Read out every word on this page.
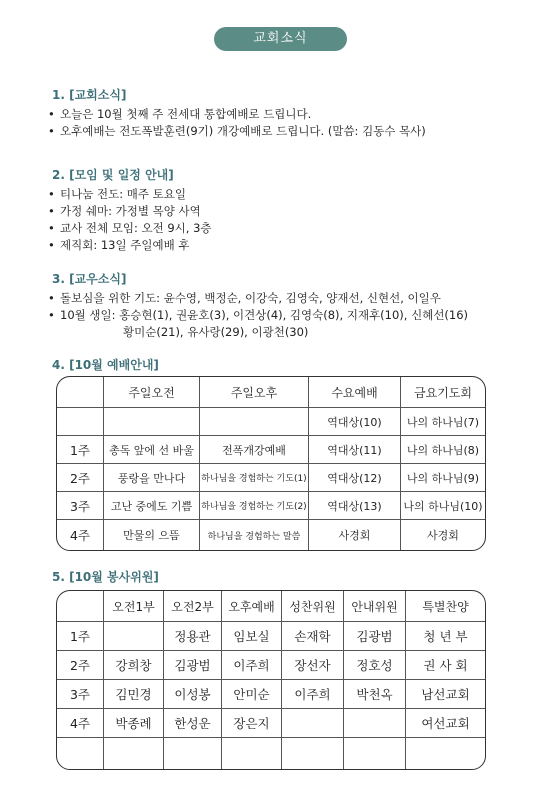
교회소식
1. [교회소식]
• 오늘은 10월 첫째 주 전세대 통합예배로 드립니다.
• 오후예배는 전도폭발훈련(9기) 개강예배로 드립니다. (말씀: 김동수 목사)
2. [모임 및 일정 안내]
• 티나눔 전도: 매주 토요일
• 가정 쉐마: 가정별 목양 사역
• 교사 전체 모임: 오전 9시, 3층
• 제직회: 13일 주일예배 후
3. [교우소식]
• 돌보심을 위한 기도: 윤수영, 백정순, 이강숙, 김영숙, 양재선, 신현선, 이일우
• 10월 생일: 홍승현(1), 권윤호(3), 이견상(4), 김영숙(8), 지재후(10), 신혜선(16)
황미순(21), 유사랑(29), 이광천(30)
4. [10월 예배안내]
	주일오전	주일오후	수요예배	금요기도회
			역대상(10)	나의 하나님(7)
1주	총독 앞에 선 바울	전폭개강예배	역대상(11)	나의 하나님(8)
2주	풍랑을 만나다	하나님을 경험하는 기도(1)	역대상(12)	나의 하나님(9)
3주	고난 중에도 기쁨	하나님을 경험하는 기도(2)	역대상(13)	나의 하나님(10)
4주	만물의 으뜸	하나님을 경험하는 말씀	사경회	사경회
5. [10월 봉사위원]
	오전1부	오전2부	오후예배	성찬위원	안내위원	특별찬양
1주		정용관	임보실	손재학	김광범	청 년 부
2주	강희창	김광범	이주희	장선자	정호성	권 사 회
3주	김민경	이성봉	안미순	이주희	박천옥	남선교회
4주	박종례	한성운	장은지			여선교회
